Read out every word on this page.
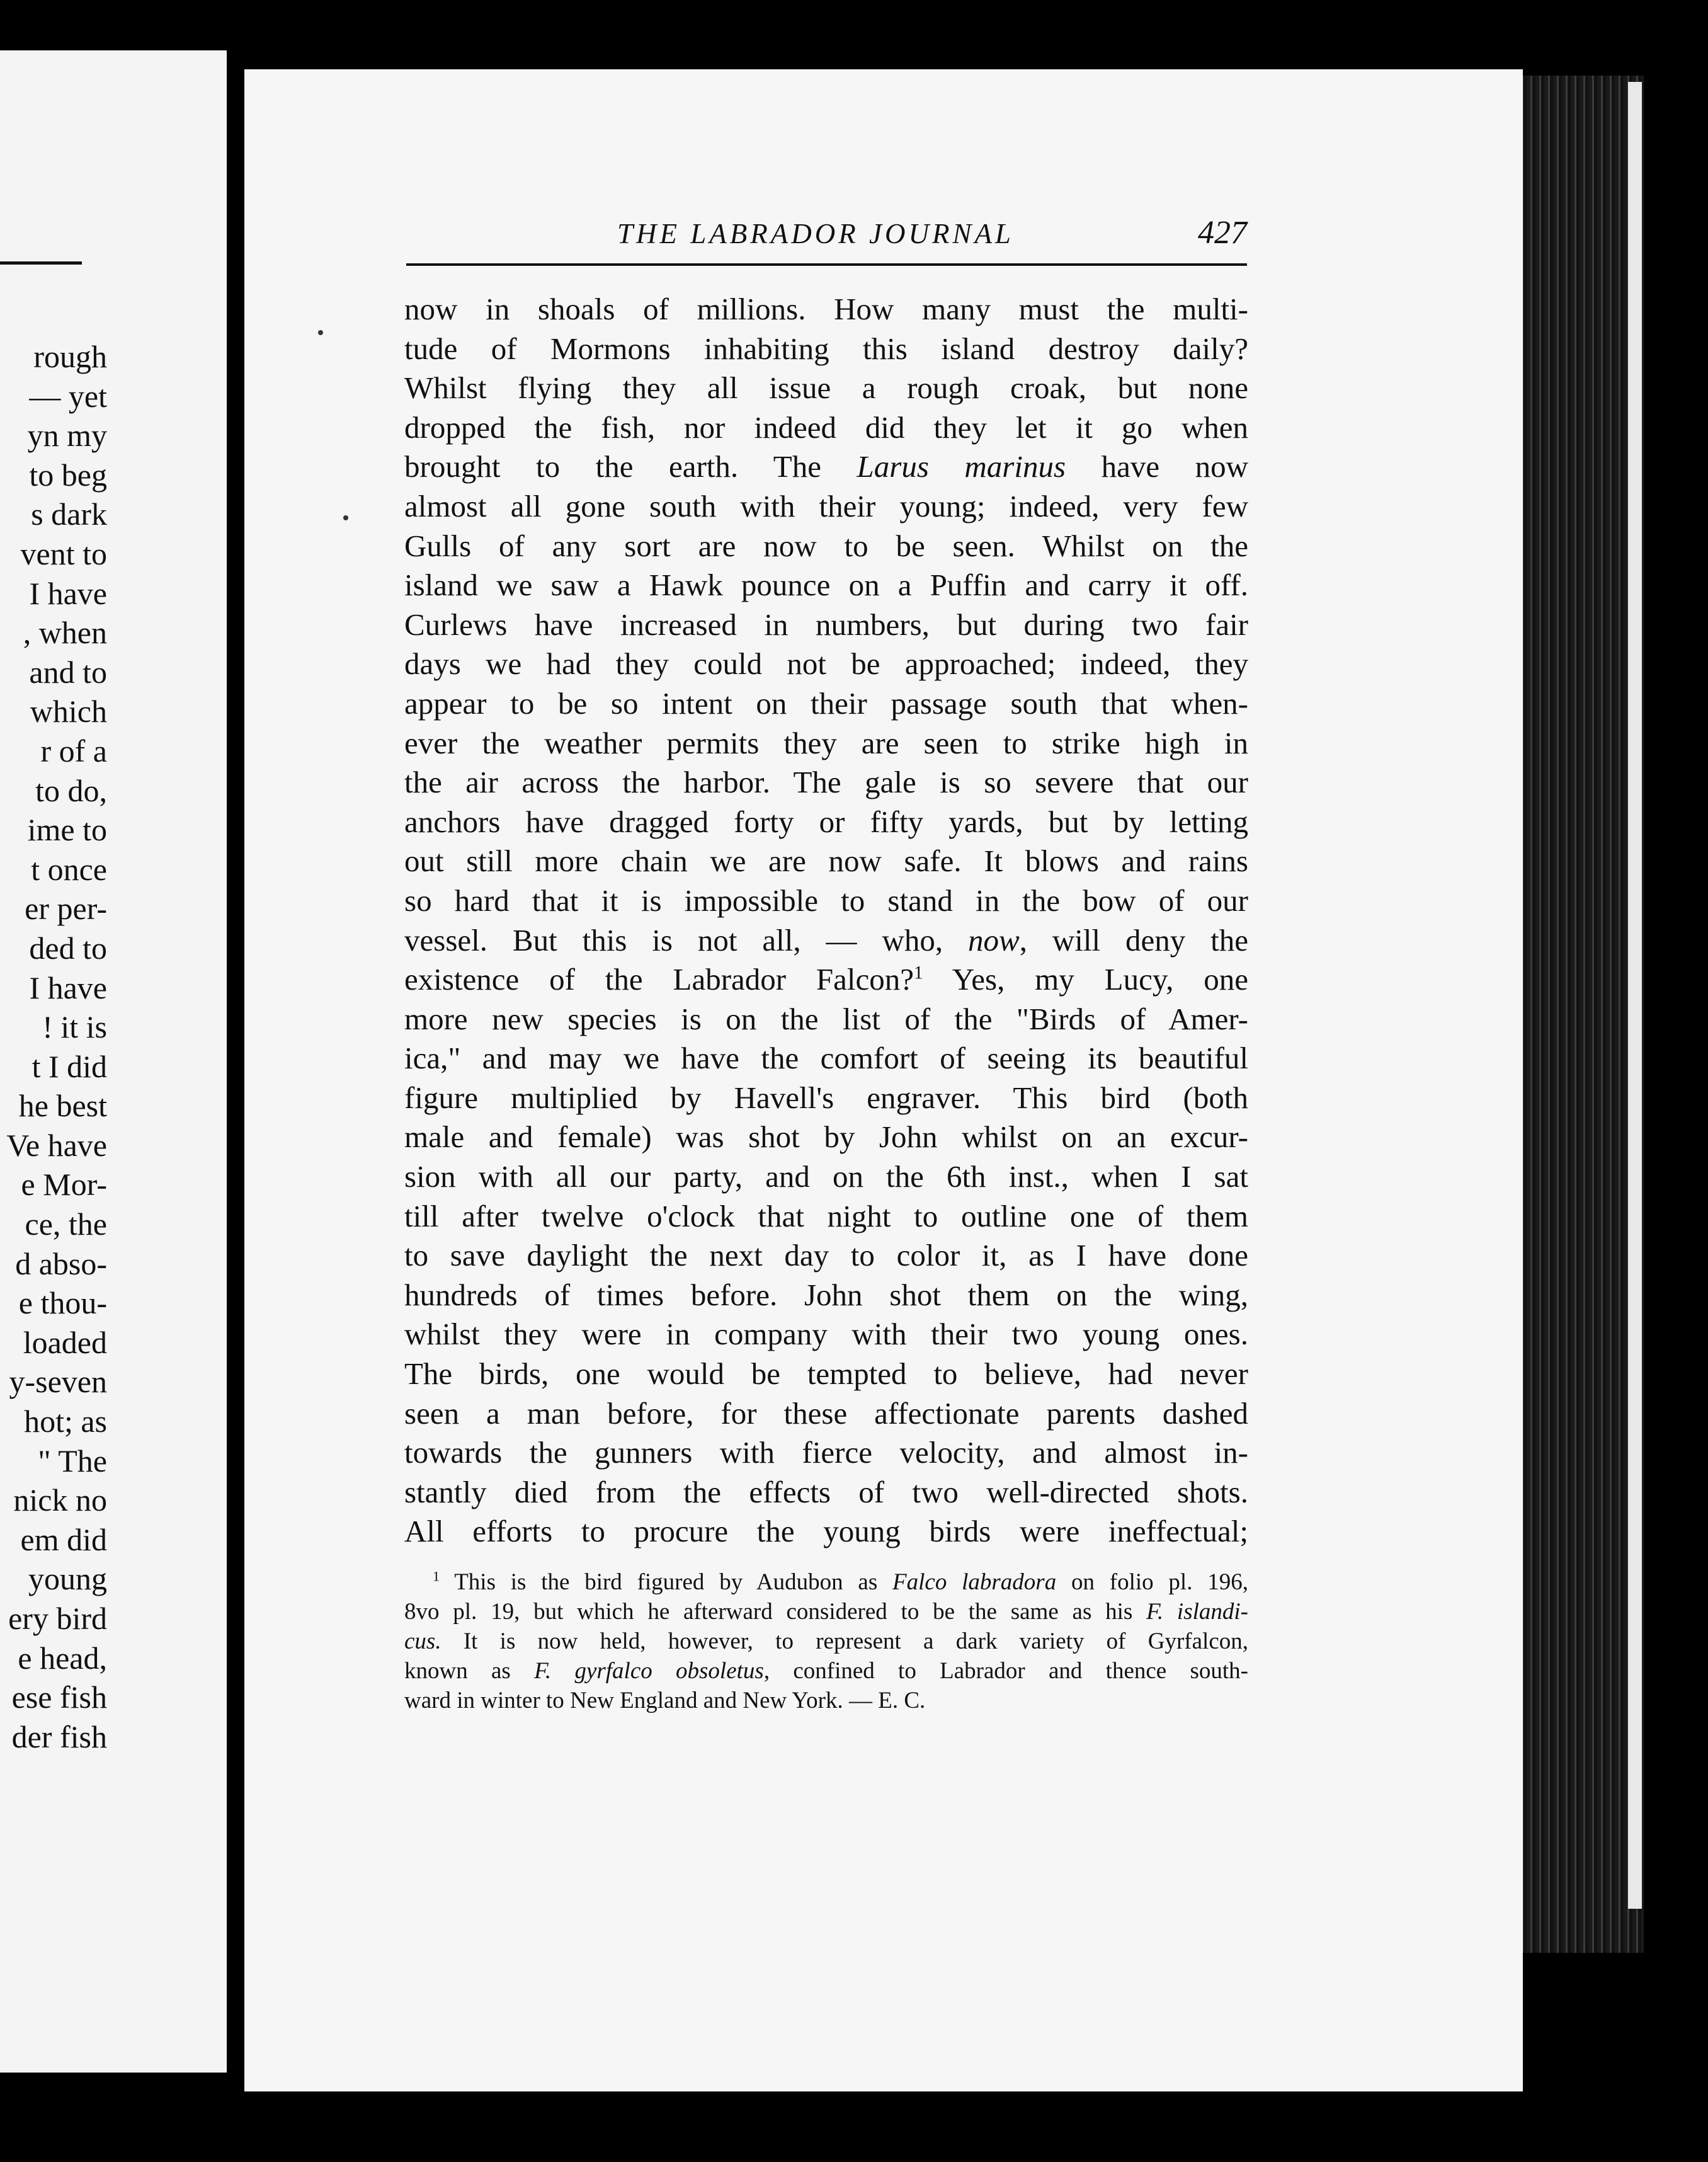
rough
— yet
yn my
to beg
s dark
vent to
I have
, when
and to
which
r of a
to do,
ime to
t once
er per-
ded to
I have
! it is
t I did
he best
Ve have
e Mor-
ce, the
d abso-
e thou-
loaded
y-seven
hot; as
" The
nick no
em did
young
ery bird
e head,
ese fish
der fish
THE LABRADOR JOURNAL	427
now in shoals of millions. How many must the multi-
tude of Mormons inhabiting this island destroy daily?
Whilst flying they all issue a rough croak, but none
dropped the fish, nor indeed did they let it go when
brought to the earth. The Larus marinus have now
almost all gone south with their young; indeed, very few
Gulls of any sort are now to be seen. Whilst on the
island we saw a Hawk pounce on a Puffin and carry it off.
Curlews have increased in numbers, but during two fair
days we had they could not be approached; indeed, they
appear to be so intent on their passage south that when-
ever the weather permits they are seen to strike high in
the air across the harbor. The gale is so severe that our
anchors have dragged forty or fifty yards, but by letting
out still more chain we are now safe. It blows and rains
so hard that it is impossible to stand in the bow of our
vessel. But this is not all, — who, now, will deny the
existence of the Labrador Falcon?$^1$ Yes, my Lucy, one
more new species is on the list of the "Birds of Amer-
ica," and may we have the comfort of seeing its beautiful
figure multiplied by Havell's engraver. This bird (both
male and female) was shot by John whilst on an excur-
sion with all our party, and on the 6th inst., when I sat
till after twelve o'clock that night to outline one of them
to save daylight the next day to color it, as I have done
hundreds of times before. John shot them on the wing,
whilst they were in company with their two young ones.
The birds, one would be tempted to believe, had never
seen a man before, for these affectionate parents dashed
towards the gunners with fierce velocity, and almost in-
stantly died from the effects of two well-directed shots.
All efforts to procure the young birds were ineffectual;
$^1$ This is the bird figured by Audubon as Falco labradora on folio pl. 196,
8vo pl. 19, but which he afterward considered to be the same as his F. islandi-
cus. It is now held, however, to represent a dark variety of Gyrfalcon,
known as F. gyrfalco obsoletus, confined to Labrador and thence south-
ward in winter to New England and New York. — E. C.
